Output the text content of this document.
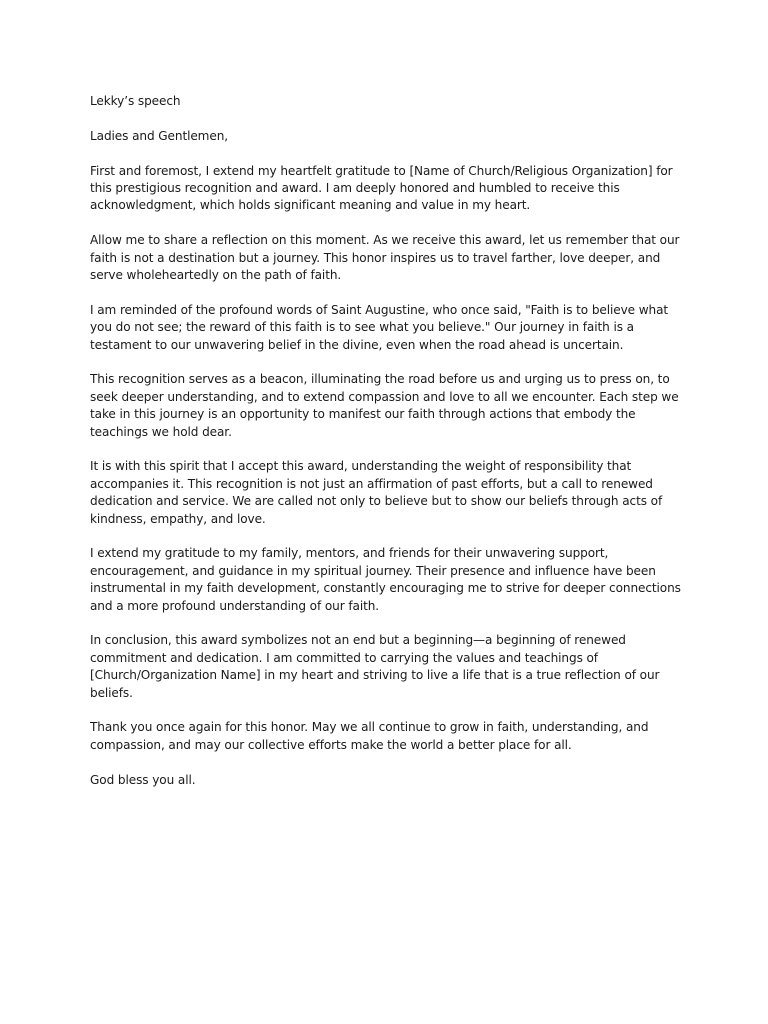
Lekky’s speech

Ladies and Gentlemen,

First and foremost, I extend my heartfelt gratitude to [Name of Church/Religious Organization] for this prestigious recognition and award. I am deeply honored and humbled to receive this acknowledgment, which holds significant meaning and value in my heart.

Allow me to share a reflection on this moment. As we receive this award, let us remember that our faith is not a destination but a journey. This honor inspires us to travel farther, love deeper, and serve wholeheartedly on the path of faith.

I am reminded of the profound words of Saint Augustine, who once said, "Faith is to believe what you do not see; the reward of this faith is to see what you believe." Our journey in faith is a testament to our unwavering belief in the divine, even when the road ahead is uncertain.

This recognition serves as a beacon, illuminating the road before us and urging us to press on, to seek deeper understanding, and to extend compassion and love to all we encounter. Each step we take in this journey is an opportunity to manifest our faith through actions that embody the teachings we hold dear.

It is with this spirit that I accept this award, understanding the weight of responsibility that accompanies it. This recognition is not just an affirmation of past efforts, but a call to renewed dedication and service. We are called not only to believe but to show our beliefs through acts of kindness, empathy, and love.

I extend my gratitude to my family, mentors, and friends for their unwavering support, encouragement, and guidance in my spiritual journey. Their presence and influence have been instrumental in my faith development, constantly encouraging me to strive for deeper connections and a more profound understanding of our faith.

In conclusion, this award symbolizes not an end but a beginning—a beginning of renewed commitment and dedication. I am committed to carrying the values and teachings of [Church/Organization Name] in my heart and striving to live a life that is a true reflection of our beliefs.

Thank you once again for this honor. May we all continue to grow in faith, understanding, and compassion, and may our collective efforts make the world a better place for all.

God bless you all.
